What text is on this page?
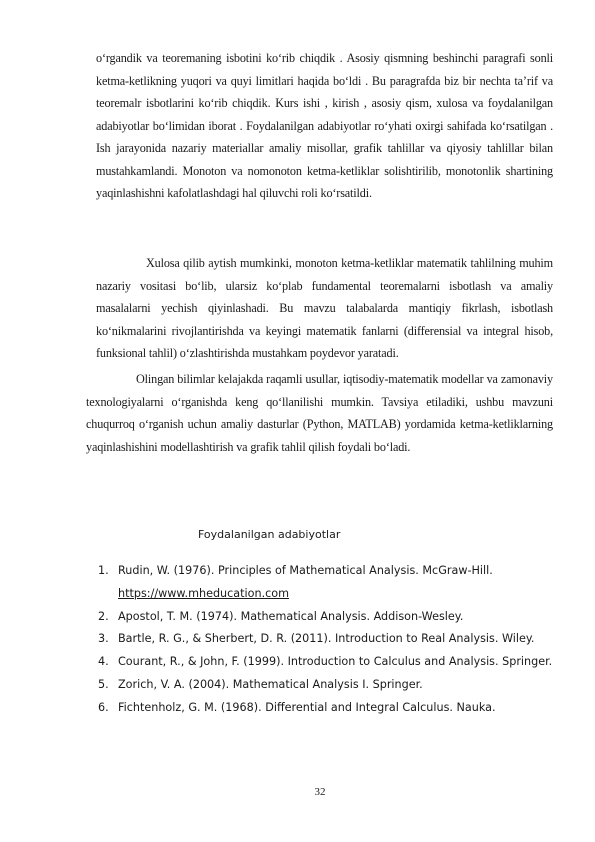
o‘rgandik va teoremaning isbotini ko‘rib chiqdik . Asosiy qismning beshinchi paragrafi sonli ketma-ketlikning yuqori va quyi limitlari haqida bo‘ldi . Bu paragrafda biz bir nechta ta’rif va teoremalr isbotlarini ko‘rib chiqdik. Kurs ishi , kirish , asosiy qism, xulosa va foydalanilgan adabiyotlar bo‘limidan iborat . Foydalanilgan adabiyotlar ro‘yhati oxirgi sahifada ko‘rsatilgan . Ish jarayonida nazariy materiallar amaliy misollar, grafik tahlillar va qiyosiy tahlillar bilan mustahkamlandi. Monoton va nomonoton ketma-ketliklar solishtirilib, monotonlik shartining yaqinlashishni kafolatlashdagi hal qiluvchi roli ko‘rsatildi.

Xulosa qilib aytish mumkinki, monoton ketma-ketliklar matematik tahlilning muhim nazariy vositasi bo‘lib, ularsiz ko‘plab fundamental teoremalarni isbotlash va amaliy masalalarni yechish qiyinlashadi. Bu mavzu talabalarda mantiqiy fikrlash, isbotlash ko‘nikmalarini rivojlantirishda va keyingi matematik fanlarni (differensial va integral hisob, funksional tahlil) o‘zlashtirishda mustahkam poydevor yaratadi.

Olingan bilimlar kelajakda raqamli usullar, iqtisodiy-matematik modellar va zamonaviy texnologiyalarni o‘rganishda keng qo‘llanilishi mumkin. Tavsiya etiladiki, ushbu mavzuni chuqurroq o‘rganish uchun amaliy dasturlar (Python, MATLAB) yordamida ketma-ketliklarning yaqinlashishini modellashtirish va grafik tahlil qilish foydali bo‘ladi.

Foydalanilgan adabiyotlar

1. Rudin, W. (1976). Principles of Mathematical Analysis. McGraw-Hill.
https://www.mheducation.com
2. Apostol, T. M. (1974). Mathematical Analysis. Addison-Wesley.
3. Bartle, R. G., & Sherbert, D. R. (2011). Introduction to Real Analysis. Wiley.
4. Courant, R., & John, F. (1999). Introduction to Calculus and Analysis. Springer.
5. Zorich, V. A. (2004). Mathematical Analysis I. Springer.
6. Fichtenholz, G. M. (1968). Differential and Integral Calculus. Nauka.

32
